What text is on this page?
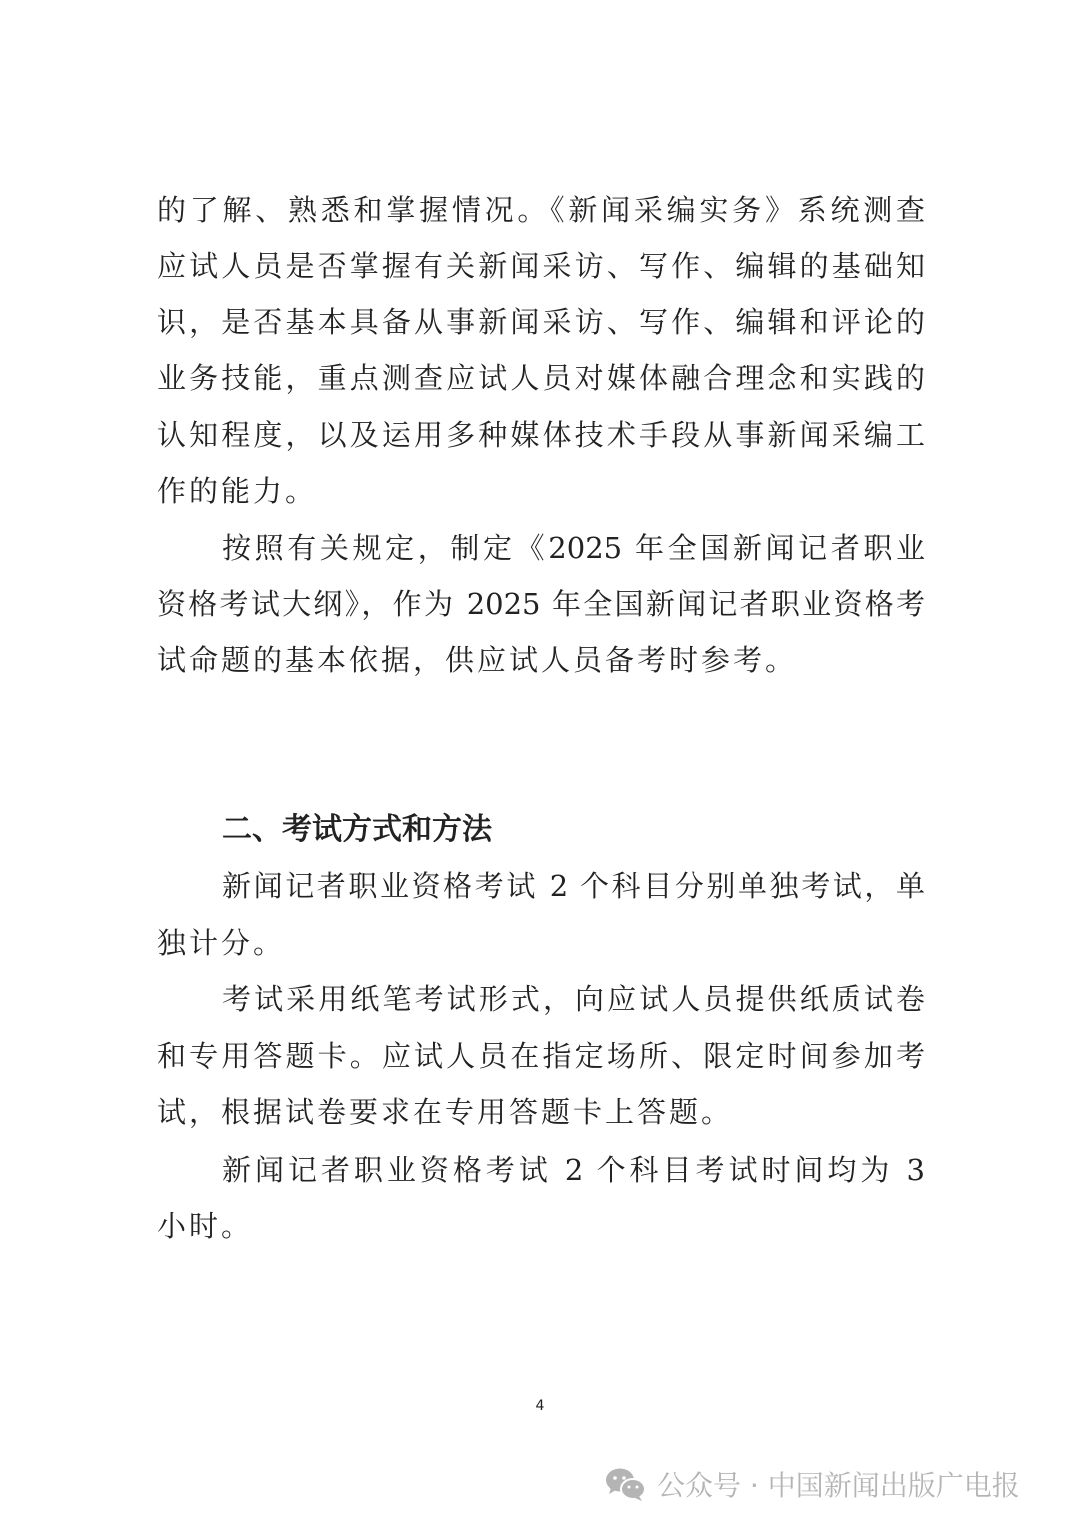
的了解、熟悉和掌握情况。《新闻采编实务》系统测查
应试人员是否掌握有关新闻采访、写作、编辑的基础知
识，是否基本具备从事新闻采访、写作、编辑和评论的
业务技能，重点测查应试人员对媒体融合理念和实践的
认知程度，以及运用多种媒体技术手段从事新闻采编工
作的能力。
按照有关规定，制定《2025 年全国新闻记者职业
资格考试大纲》，作为 2025 年全国新闻记者职业资格考
试命题的基本依据，供应试人员备考时参考。
二、考试方式和方法
新闻记者职业资格考试 2 个科目分别单独考试，单
独计分。
考试采用纸笔考试形式，向应试人员提供纸质试卷
和专用答题卡。应试人员在指定场所、限定时间参加考
试，根据试卷要求在专用答题卡上答题。
新闻记者职业资格考试 2 个科目考试时间均为 3
小时。
4
公众号 · 中国新闻出版广电报
